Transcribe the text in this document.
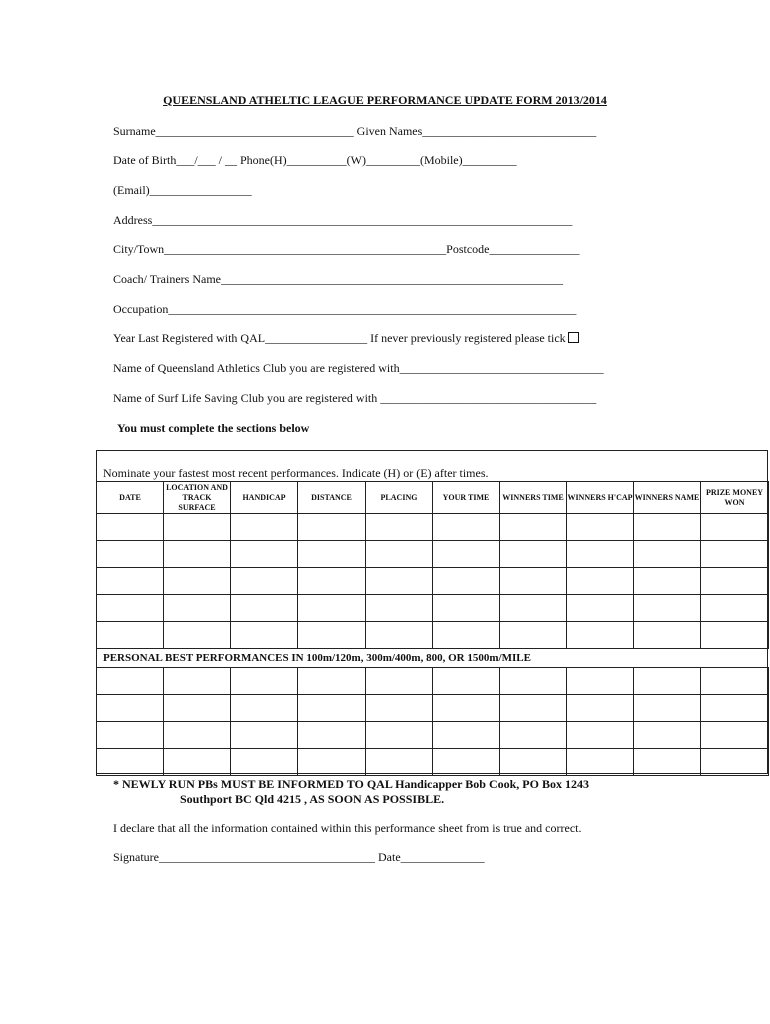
QUEENSLAND ATHELTIC LEAGUE PERFORMANCE UPDATE FORM 2013/2014
Surname_________________________________ Given Names_____________________________
Date of Birth___/___ / __ Phone(H)__________(W)_________(Mobile)_________
(Email)_________________
Address______________________________________________________________________
City/Town_______________________________________________Postcode_______________
Coach/ Trainers Name_________________________________________________________
Occupation____________________________________________________________________
Year Last Registered with QAL_________________ If never previously registered please tick
Name of Queensland Athletics Club you are registered with__________________________________
Name of Surf Life Saving Club you are registered with ____________________________________
You must complete the sections below
Nominate your fastest most recent performances. Indicate (H) or (E) after times.
DATE	LOCATION AND TRACK SURFACE	HANDICAP	DISTANCE	PLACING	YOUR TIME	WINNERS TIME	WINNERS H'CAP	WINNERS NAME	PRIZE MONEY WON

PERSONAL BEST PERFORMANCES IN 100m/120m, 300m/400m, 800, OR 1500m/MILE

* NEWLY RUN PBs MUST BE INFORMED TO QAL Handicapper Bob Cook, PO Box 1243
Southport BC Qld 4215 , AS SOON AS POSSIBLE.
I declare that all the information contained within this performance sheet from is true and correct.
Signature____________________________________ Date______________
